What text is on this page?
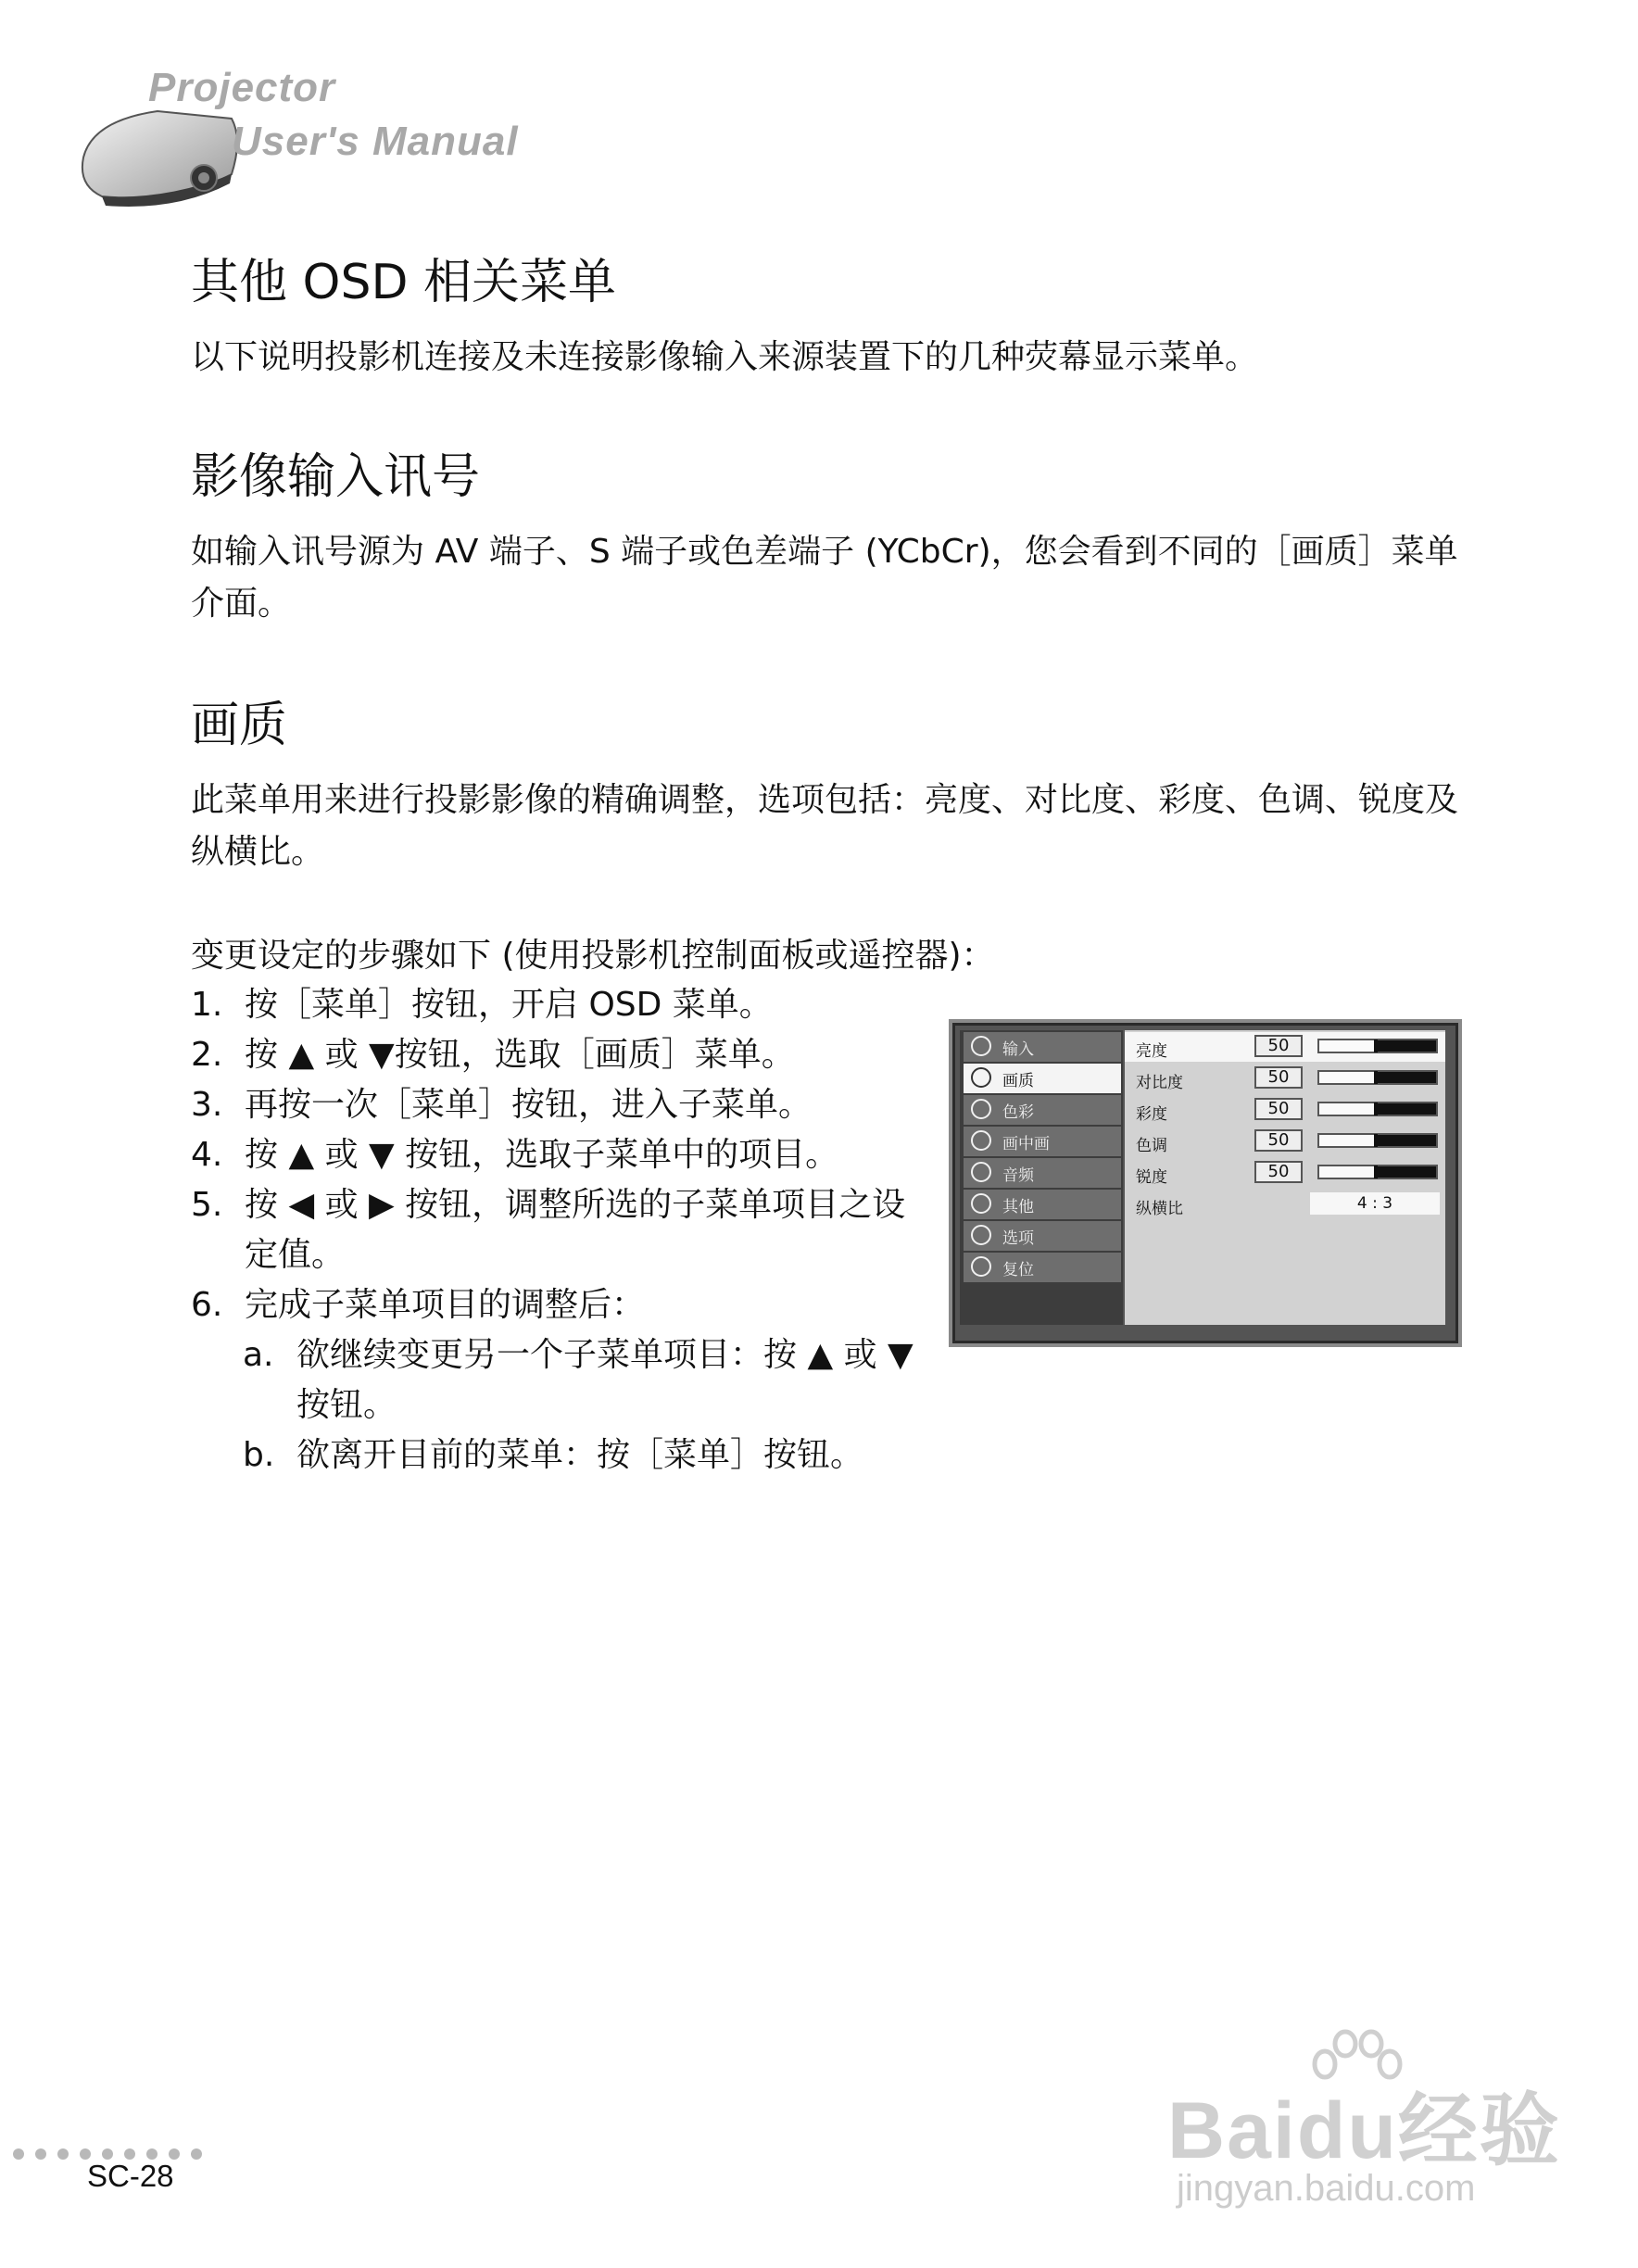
Projector
User's Manual
其他 OSD 相关菜单

以下说明投影机连接及未连接影像输入来源装置下的几种荧幕显示菜单。

影像输入讯号

如输入讯号源为 AV 端子、S 端子或色差端子 (YCbCr)，您会看到不同的［画质］菜单

介面。

画质

此菜单用来进行投影影像的精确调整，选项包括：亮度、对比度、彩度、色调、锐度及

纵横比。

变更设定的步骤如下 (使用投影机控制面板或遥控器)：

1. 按［菜单］按钮，开启 OSD 菜单。
2. 按 ▲ 或 ▼按钮，选取［画质］菜单。
3. 再按一次［菜单］按钮，进入子菜单。
4. 按 ▲ 或 ▼ 按钮，选取子菜单中的项目。
5. 按 ◀ 或 ▶ 按钮，调整所选的子菜单项目之设
定值。
6. 完成子菜单项目的调整后：
a. 欲继续变更另一个子菜单项目：按 ▲ 或 ▼
按钮。
b. 欲离开目前的菜单：按［菜单］按钮。
输入
画质
色彩
画中画
音频
其他
选项
复位
亮度	50
对比度	50
彩度	50
色调	50
锐度	50
纵横比	4 : 3
SC-28
Baidu经验
jingyan.baidu.com
